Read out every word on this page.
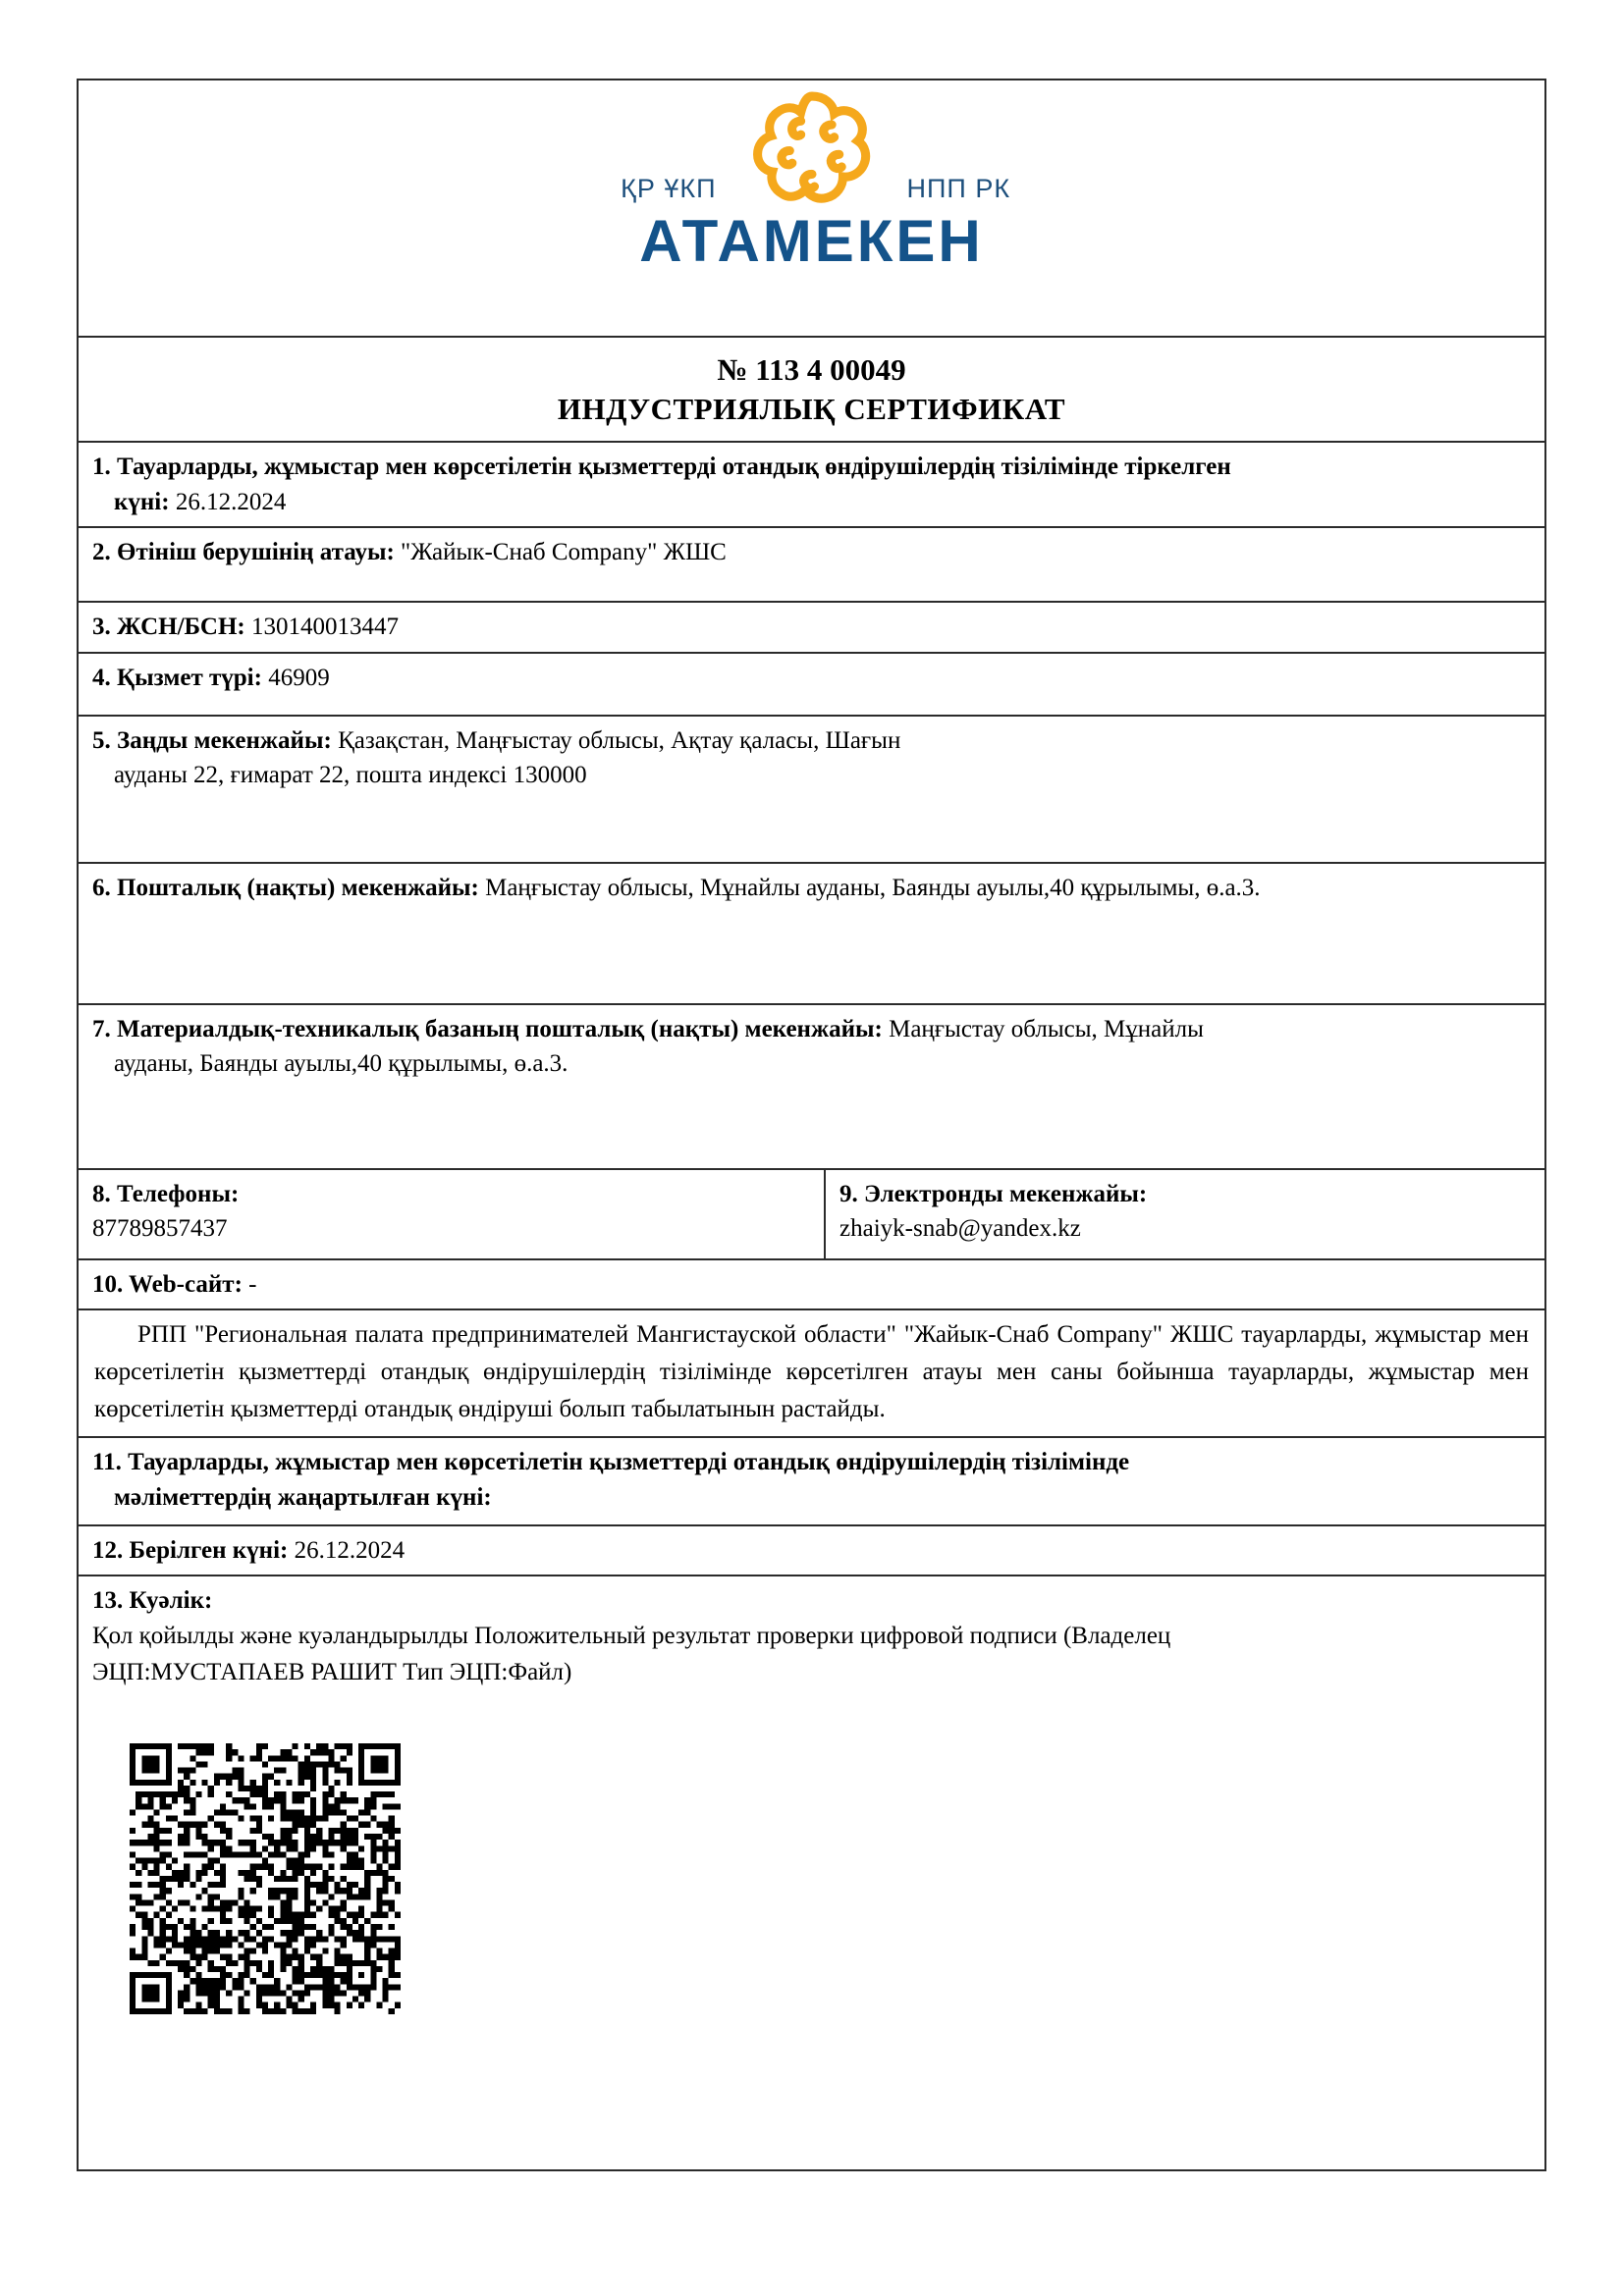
ҚР ҰКП	НПП РК
АТАМЕКЕН
№ 113 4 00049
ИНДУСТРИЯЛЫҚ СЕРТИФИКАТ
1. Тауарларды, жұмыстар мен көрсетілетін қызметтерді отандық өндірушілердің тізілімінде тіркелген
күні: 26.12.2024
2. Өтініш берушінің атауы: "Жайык-Снаб Company" ЖШС
3. ЖСН/БСН: 130140013447
4. Қызмет түрі: 46909
5. Заңды мекенжайы: Қазақстан, Маңғыстау облысы, Ақтау қаласы, Шағын
ауданы 22, ғимарат 22, пошта индексі 130000
6. Пошталық (нақты) мекенжайы: Маңғыстау облысы, Мұнайлы ауданы, Баянды ауылы,40 құрылымы, ө.а.3.
7. Материалдық-техникалық базаның пошталық (нақты) мекенжайы: Маңғыстау облысы, Мұнайлы
ауданы, Баянды ауылы,40 құрылымы, ө.а.3.
8. Телефоны:
87789857437
9. Электронды мекенжайы:
zhaiyk-snab@yandex.kz
10. Web-сайт: -
РПП "Региональная палата предпринимателей Мангистауской области" "Жайык-Снаб Company" ЖШС тауарларды, жұмыстар мен көрсетілетін қызметтерді отандық өндірушілердің тізілімінде көрсетілген атауы мен саны бойынша тауарларды, жұмыстар мен көрсетілетін қызметтерді отандық өндіруші болып табылатынын растайды.
11. Тауарларды, жұмыстар мен көрсетілетін қызметтерді отандық өндірушілердің тізілімінде
мәліметтердің жаңартылған күні:
12. Берілген күні: 26.12.2024
13. Куәлік:
Қол қойылды және куәландырылды Положительный результат проверки цифровой подписи (Владелец
ЭЦП:МУСТАПАЕВ РАШИТ Тип ЭЦП:Файл)
